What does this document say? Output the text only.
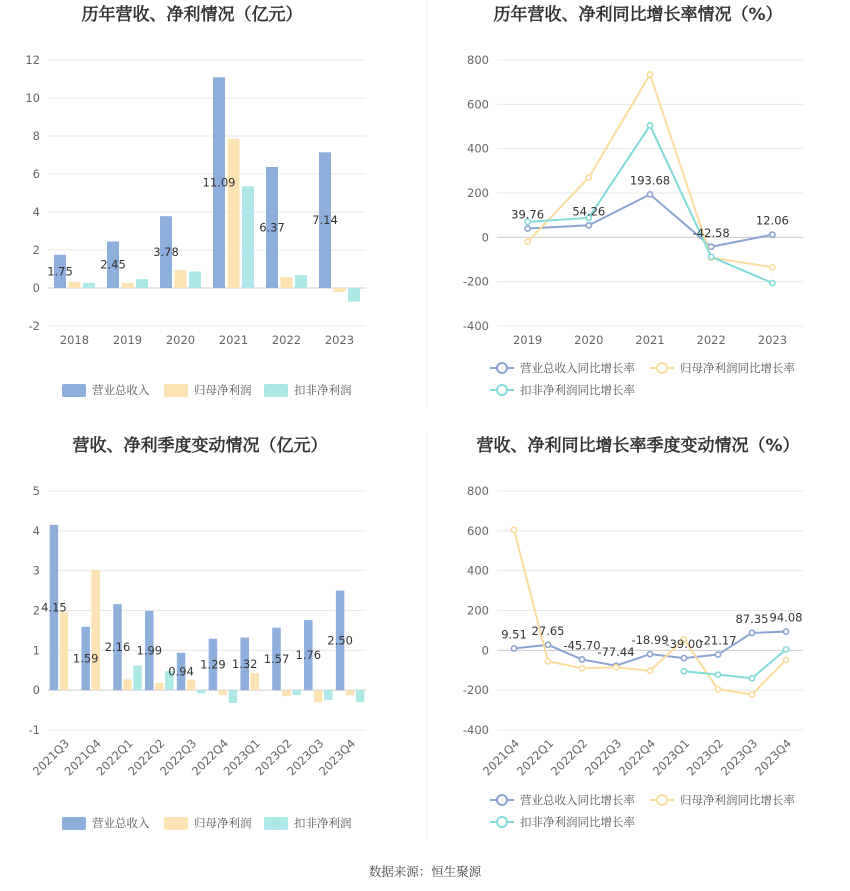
历年营收、净利情况（亿元）
-2
0
2
4
6
8
10
12
2018 2019 2020 2021 2022 2023
1.75 2.45
3.78
11.09
6.37
7.14
营业总收入	归母净利润	扣非净利润
历年营收、净利同比增长率情况（%）
-400
-200
0
200
400
600
800
2019	2020	2021	2022	2023
39.76 54.26
193.68
-42.58
12.06
营业总收入同比增长率	归母净利润同比增长率
扣非净利润同比增长率
营收、净利季度变动情况（亿元）
-1
0
1
2
3
4
5
2021Q3
2021Q4
2022Q1
2022Q2
2022Q3
2022Q4
2023Q1
2023Q2
2023Q3
2023Q4
4.15
1.59
2.16 1.99
0.94 1.29 1.32 1.57 1.76
2.50
营业总收入	归母净利润	扣非净利润
营收、净利同比增长率季度变动情况（%）
-400
-200
0
200
400
600
800
2021Q4
2022Q1
2022Q2
2022Q3
2022Q4
2023Q1
2023Q2
2023Q3
2023Q4
9.51 27.65
-45.70
-77.44
-18.99
-39.00
-21.17
87.35 94.08
营业总收入同比增长率	归母净利润同比增长率
扣非净利润同比增长率
数据来源：恒生聚源
